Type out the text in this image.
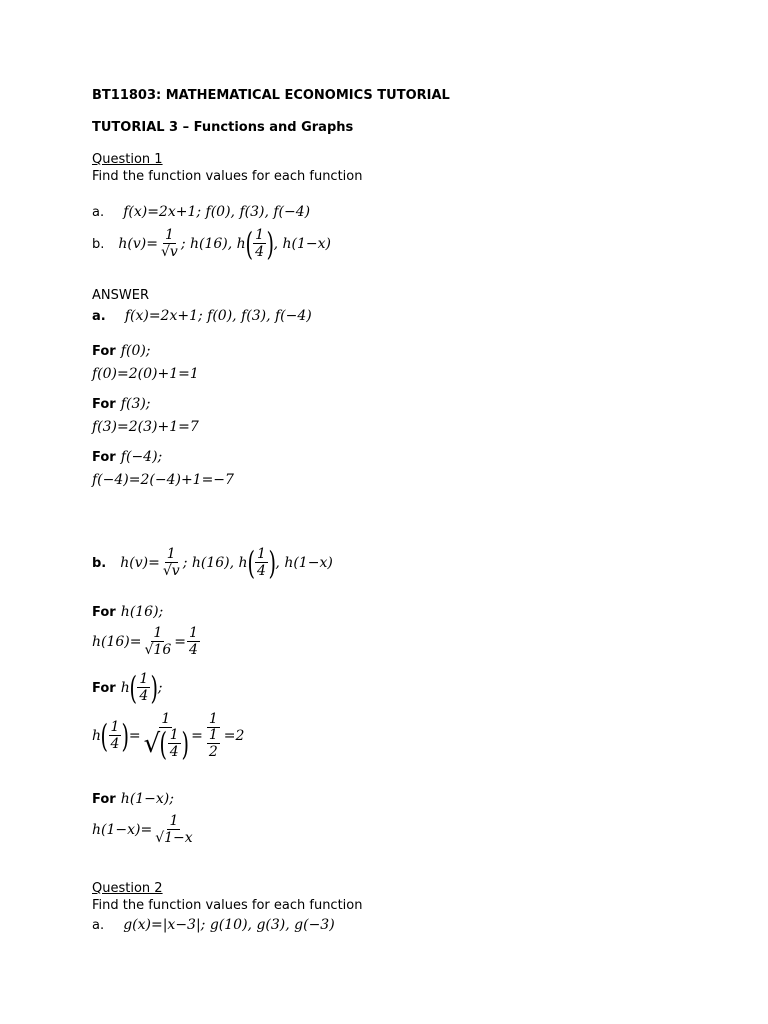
BT11803: MATHEMATICAL ECONOMICS TUTORIAL
TUTORIAL 3 – Functions and Graphs
Question 1
Find the function values for each function
a. f(x)=2x+1; f(0), f(3), f(−4)
b. $h(v)= \frac{1}{√v}$ ; h(16), h ( $\frac{1}{4}$ ) , h(1−x)
ANSWER
a. f(x)=2x+1; f(0), f(3), f(−4)
For f(0);
f(0)=2(0)+1=1
For f(3);
f(3)=2(3)+1=7
For f(−4);
f(−4)=2(−4)+1=−7
b. $h(v)= \frac{1}{√v}$ ; h(16), h ( $\frac{1}{4}$ ) , h(1−x)
For h(16);
$h(16)= \frac{1}{√16} = \frac{1}{4}$
For
h ( $\frac{1}{4}$ ) ;
h ( $\frac{1}{4}$ ) = $\frac{1}{√ ( \frac{1}{4} )} = \frac{1}{\frac{1}{2}} =2$
For h(1−x);
$h(1-x)= \frac{1}{√1-x}$
Question 2
Find the function values for each function
a. g(x)=|x−3|; g(10), g(3), g(−3)
